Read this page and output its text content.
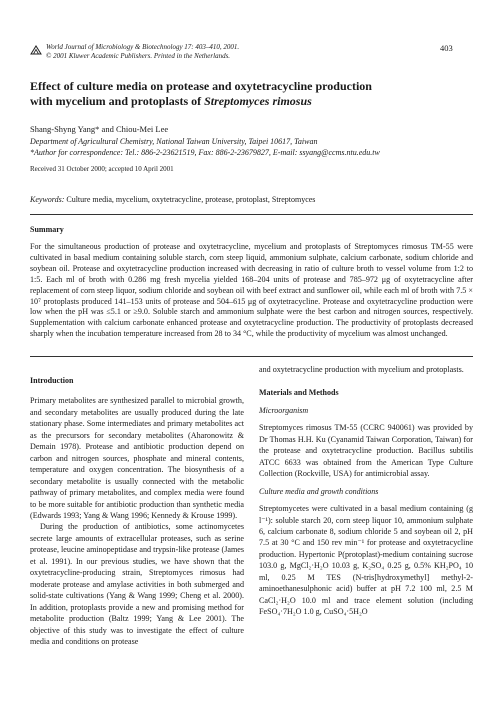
World Journal of Microbiology & Biotechnology 17: 403–410, 2001.
© 2001 Kluwer Academic Publishers. Printed in the Netherlands.
403
Effect of culture media on protease and oxytetracycline production
with mycelium and protoplasts of Streptomyces rimosus
Shang-Shyng Yang* and Chiou-Mei Lee
Department of Agricultural Chemistry, National Taiwan University, Taipei 10617, Taiwan
*Author for correspondence: Tel.: 886-2-23621519, Fax: 886-2-23679827, E-mail: ssyang@ccms.ntu.edu.tw
Received 31 October 2000; accepted 10 April 2001
Keywords: Culture media, mycelium, oxytetracycline, protease, protoplast, Streptomyces
Summary
For the simultaneous production of protease and oxytetracycline, mycelium and protoplasts of Streptomyces rimosus TM-55 were cultivated in basal medium containing soluble starch, corn steep liquid, ammonium sulphate, calcium carbonate, sodium chloride and soybean oil. Protease and oxytetracycline production increased with decreasing in ratio of culture broth to vessel volume from 1:2 to 1:5. Each ml of broth with 0.286 mg fresh mycelia yielded 168–204 units of protease and 785–972 μg of oxytetracycline after replacement of corn steep liquor, sodium chloride and soybean oil with beef extract and sunflower oil, while each ml of broth with 7.5 × 10⁷ protoplasts produced 141–153 units of protease and 504–615 μg of oxytetracycline. Protease and oxytetracycline production were low when the pH was ≤5.1 or ≥9.0. Soluble starch and ammonium sulphate were the best carbon and nitrogen sources, respectively. Supplementation with calcium carbonate enhanced protease and oxytetracycline production. The productivity of protoplasts decreased sharply when the incubation temperature increased from 28 to 34 °C, while the productivity of mycelium was almost unchanged.

Introduction

Primary metabolites are synthesized parallel to microbial growth, and secondary metabolites are usually produced during the late stationary phase. Some intermediates and primary metabolites act as the precursors for secondary metabolites (Aharonowitz & Demain 1978). Protease and antibiotic production depend on carbon and nitrogen sources, phosphate and mineral contents, temperature and oxygen concentration. The biosynthesis of a secondary metabolite is usually connected with the metabolic pathway of primary metabolites, and complex media were found to be more suitable for antibiotic production than synthetic media (Edwards 1993; Yang & Wang 1996; Kennedy & Krouse 1999).

During the production of antibiotics, some actinomycetes secrete large amounts of extracellular proteases, such as serine protease, leucine aminopeptidase and trypsin-like protease (James et al. 1991). In our previous studies, we have shown that the oxytetracycline-producing strain, Streptomyces rimosus had moderate protease and amylase activities in both submerged and solid-state cultivations (Yang & Wang 1999; Cheng et al. 2000). In addition, protoplasts provide a new and promising method for metabolite production (Baltz 1999; Yang & Lee 2001). The objective of this study was to investigate the effect of culture media and conditions on protease

and oxytetracycline production with mycelium and protoplasts.

Materials and Methods

Microorganism

Streptomyces rimosus TM-55 (CCRC 940061) was provided by Dr Thomas H.H. Ku (Cyanamid Taiwan Corporation, Taiwan) for the protease and oxytetracycline production. Bacillus subtilis ATCC 6633 was obtained from the American Type Culture Collection (Rockville, USA) for antimicrobial assay.

Culture media and growth conditions

Streptomycetes were cultivated in a basal medium containing (g l⁻¹): soluble starch 20, corn steep liquor 10, ammonium sulphate 6, calcium carbonate 8, sodium chloride 5 and soybean oil 2, pH 7.5 at 30 °C and 150 rev min⁻¹ for protease and oxytetracycline production. Hypertonic P(protoplast)-medium containing sucrose 103.0 g, MgCl₂·H₂O 10.03 g, K₂SO₄ 0.25 g, 0.5% KH₂PO₄ 10 ml, 0.25 M TES (N-tris[hydroxymethyl] methyl-2-aminoethanesulphonic acid) buffer at pH 7.2 100 ml, 2.5 M CaCl₂·H₂O 10.0 ml and trace element solution (including FeSO₄·7H₂O 1.0 g, CuSO₄·5H₂O
